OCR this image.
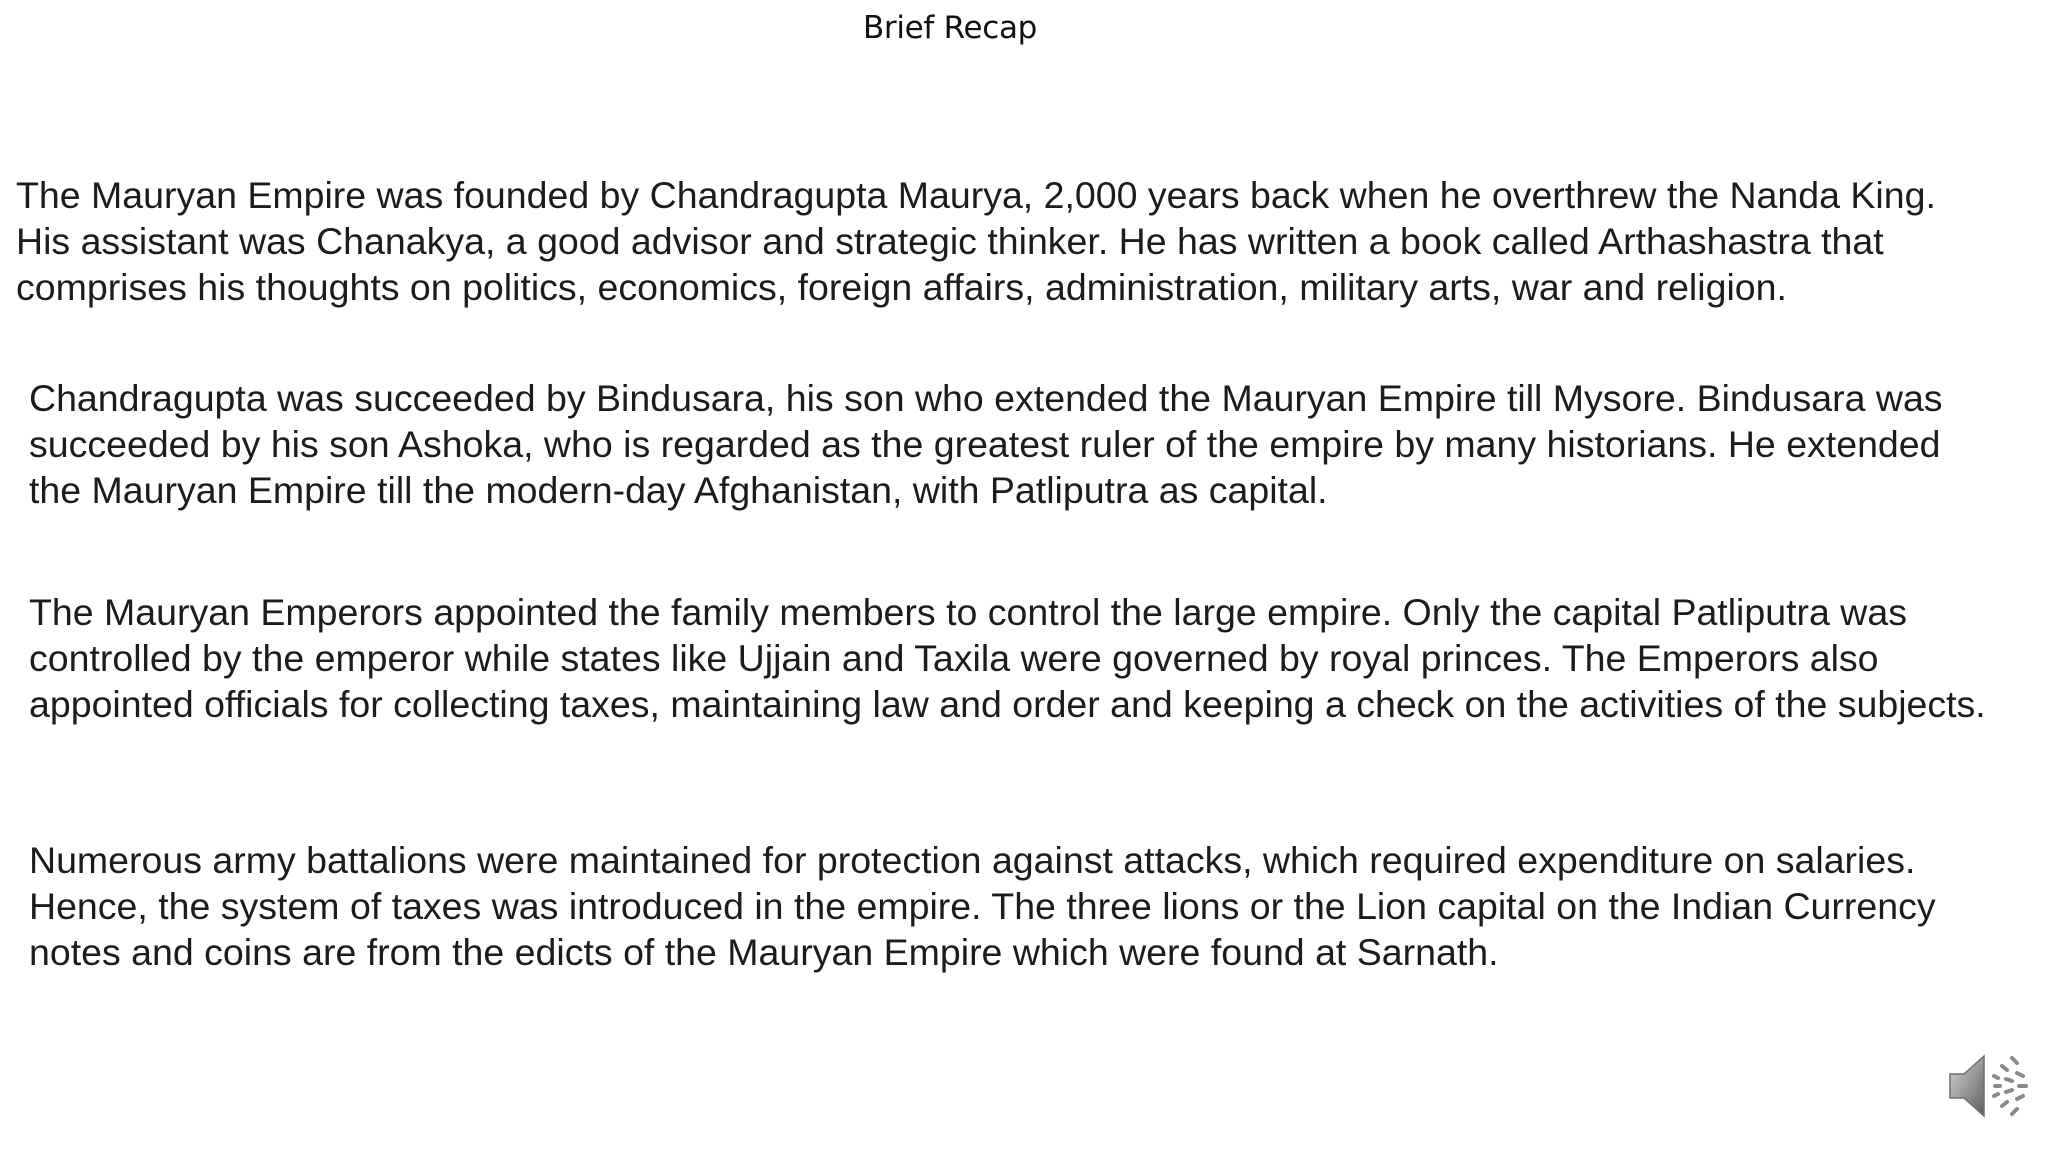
Brief Recap

The Mauryan Empire was founded by Chandragupta Maurya, 2,000 years back when he overthrew the Nanda King.
His assistant was Chanakya, a good advisor and strategic thinker. He has written a book called Arthashastra that
comprises his thoughts on politics, economics, foreign affairs, administration, military arts, war and religion.

Chandragupta was succeeded by Bindusara, his son who extended the Mauryan Empire till Mysore. Bindusara was
succeeded by his son Ashoka, who is regarded as the greatest ruler of the empire by many historians. He extended
the Mauryan Empire till the modern-day Afghanistan, with Patliputra as capital.

The Mauryan Emperors appointed the family members to control the large empire. Only the capital Patliputra was
controlled by the emperor while states like Ujjain and Taxila were governed by royal princes. The Emperors also
appointed officials for collecting taxes, maintaining law and order and keeping a check on the activities of the subjects.

Numerous army battalions were maintained for protection against attacks, which required expenditure on salaries.
Hence, the system of taxes was introduced in the empire. The three lions or the Lion capital on the Indian Currency
notes and coins are from the edicts of the Mauryan Empire which were found at Sarnath.
